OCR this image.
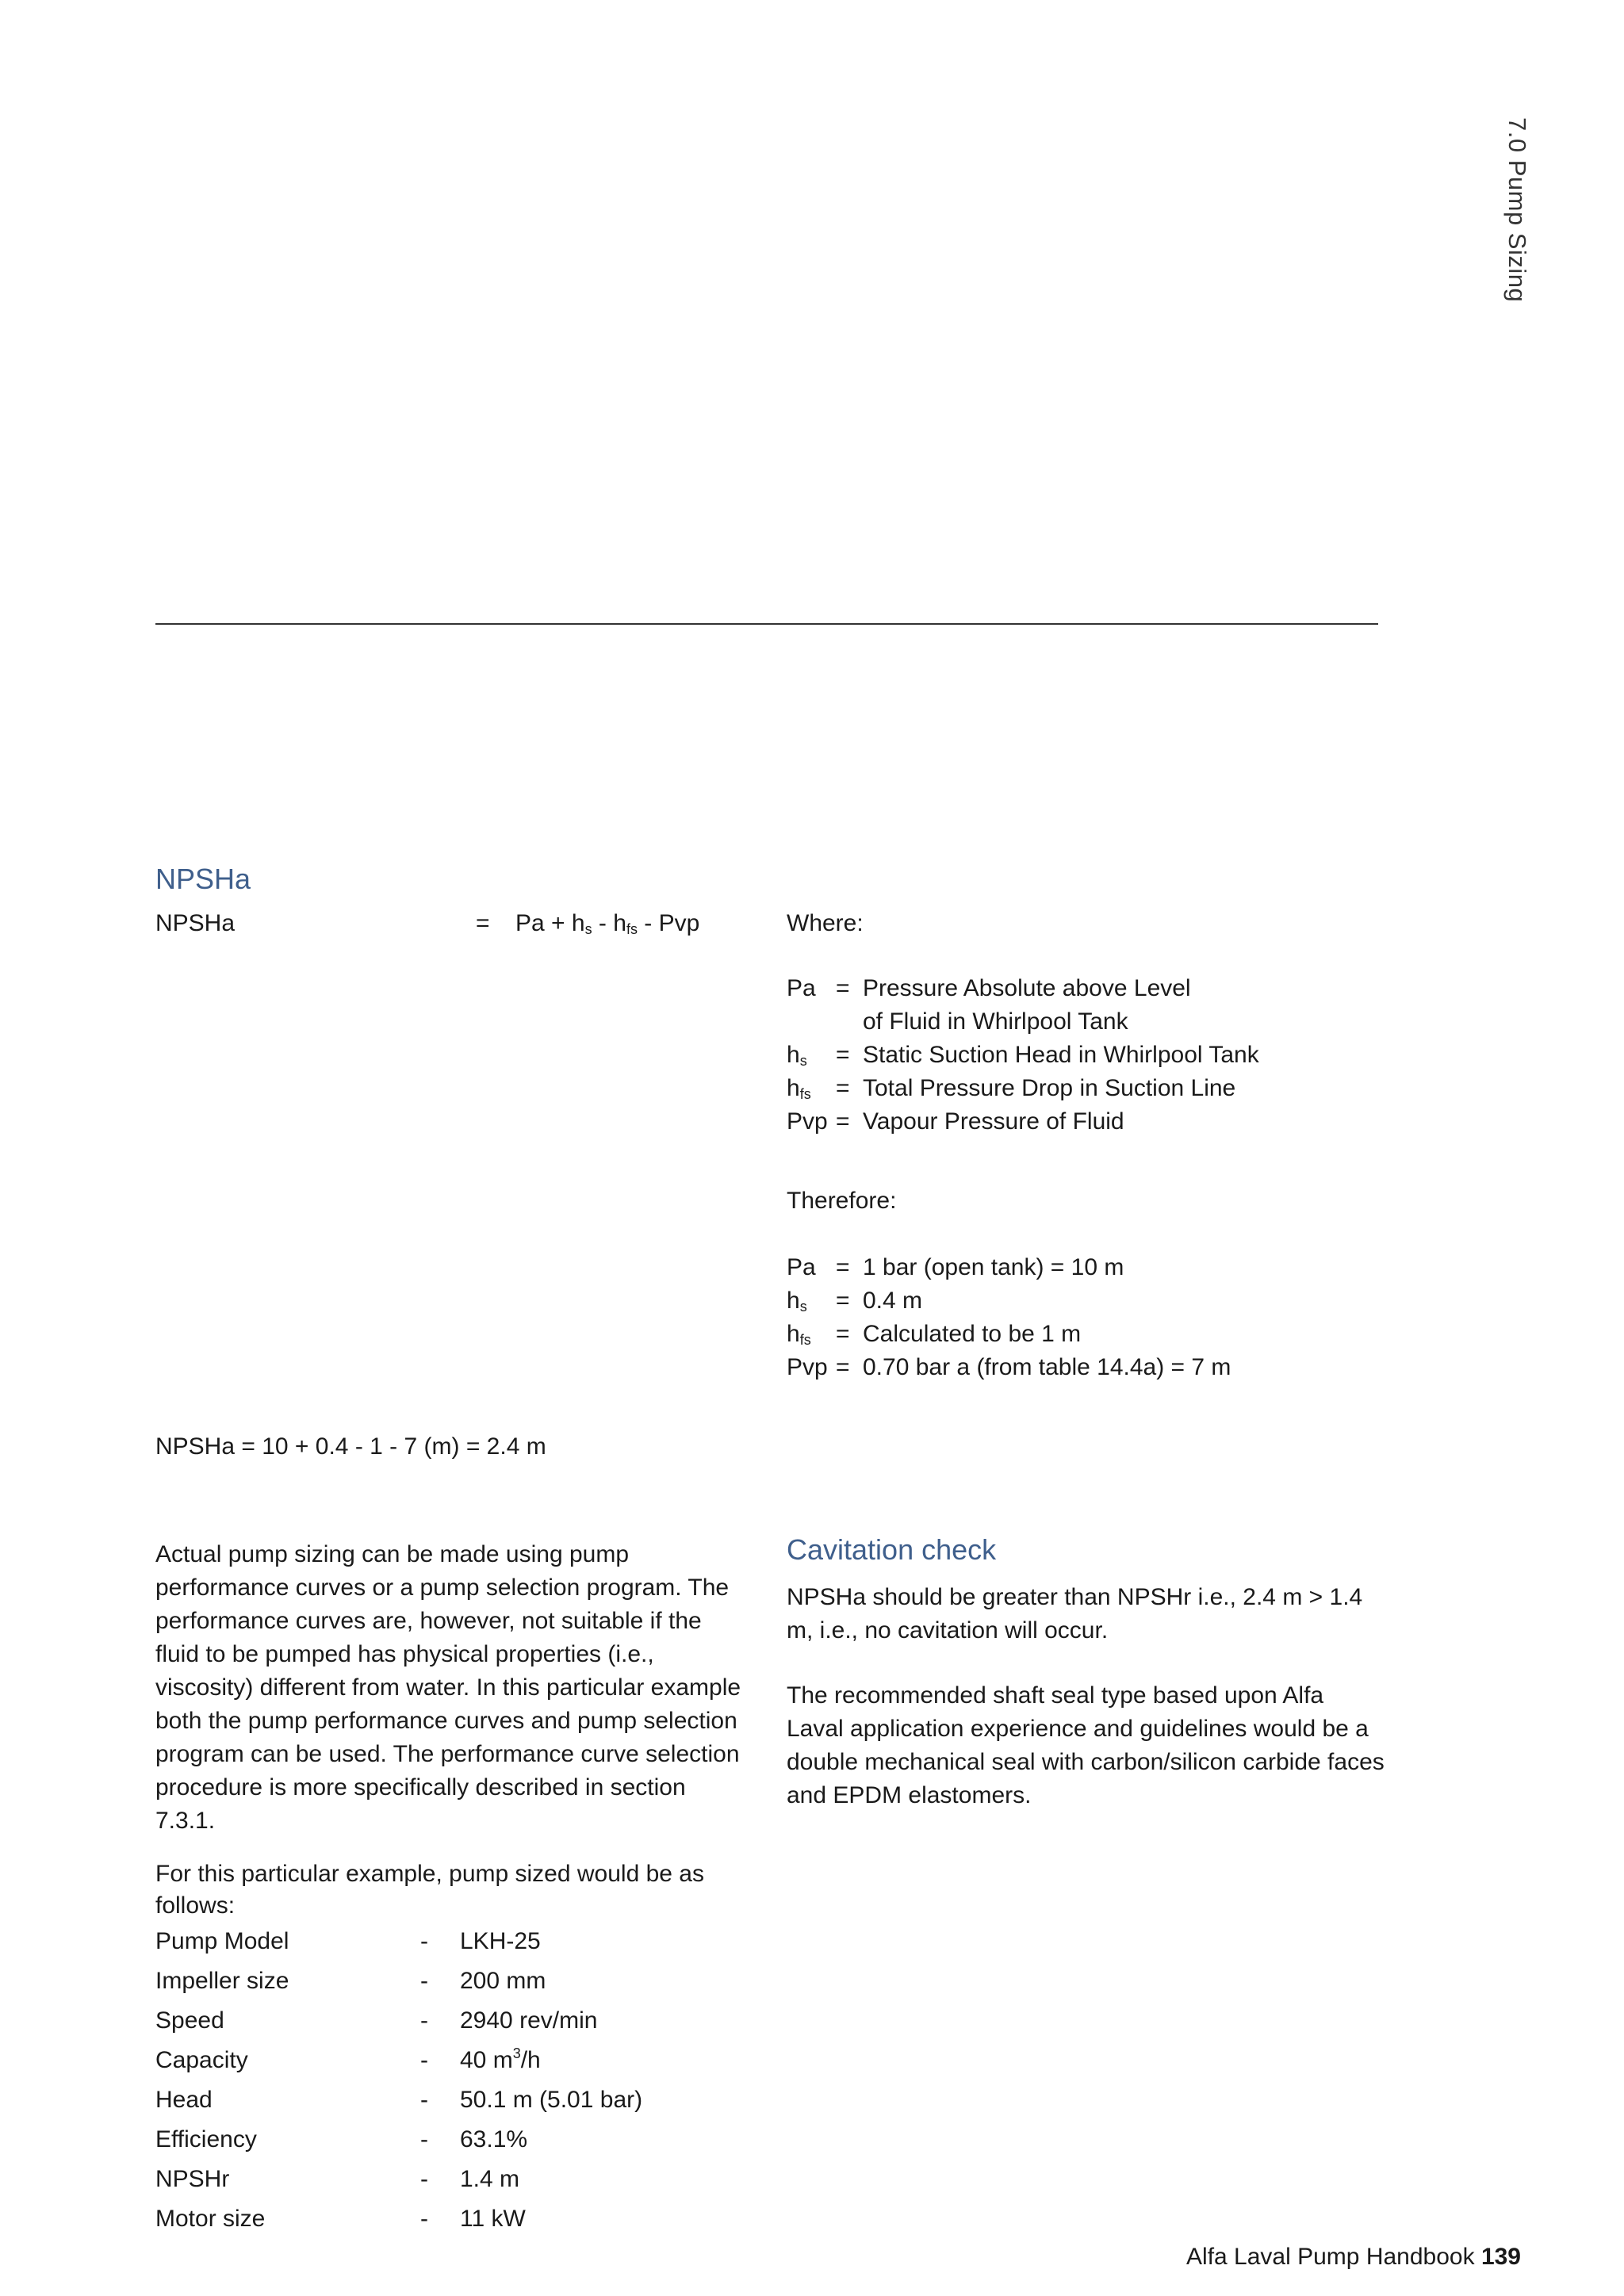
7.0 Pump Sizing
NPSHa
NPSHa	= $Pa + h_s - h_{fs}$ - Pvp	Where:
Pa = Pressure Absolute above Level
of Fluid in Whirlpool Tank
$h_s$ = Static Suction Head in Whirlpool Tank
$h_{fs}$ = Total Pressure Drop in Suction Line
Pvp = Vapour Pressure of Fluid
Therefore:
Pa = 1 bar (open tank) = 10 m
$h_s = 0.4$ m
$h_{fs}$ = Calculated to be 1 m
Pvp = 0.70 bar a (from table 14.4a) = 7 m
NPSHa = 10 + 0.4 - 1 - 7 (m) = 2.4 m
Actual pump sizing can be made using pump performance curves or a pump selection program. The performance curves are, however, not suitable if the fluid to be pumped has physical properties (i.e., viscosity) different from water. In this particular example both the pump performance curves and pump selection program can be used. The performance curve selection procedure is more specifically described in section 7.3.1.
For this particular example, pump sized would be as follows:
Pump Model	- LKH-25
Impeller size	- 200 mm
Speed	- 2940 rev/min
Capacity	- 40 $m^3/h$
Head	- 50.1 m (5.01 bar)
Efficiency	- 63.1%
NPSHr	- 1.4 m
Motor size	- 11 kW
Cavitation check
NPSHa should be greater than NPSHr i.e., 2.4 m > 1.4 m, i.e., no cavitation will occur.
The recommended shaft seal type based upon Alfa Laval application experience and guidelines would be a double mechanical seal with carbon/silicon carbide faces and EPDM elastomers.
Alfa Laval Pump Handbook 139
